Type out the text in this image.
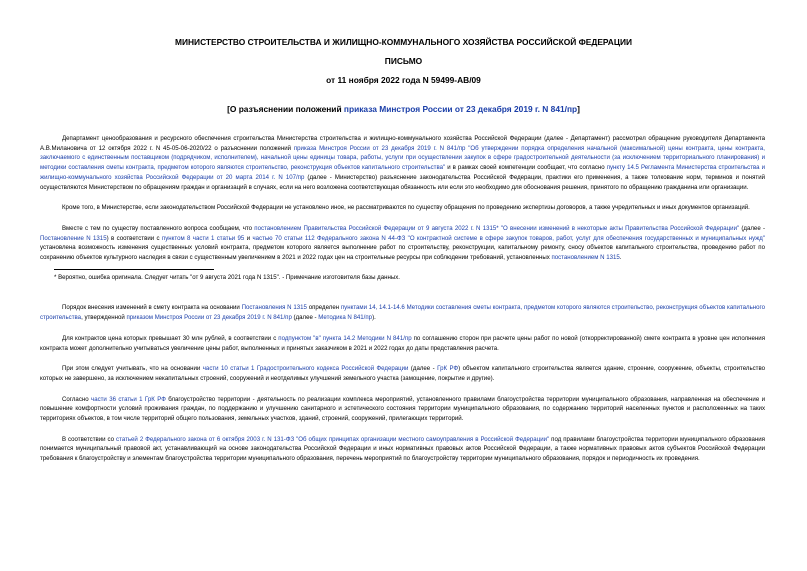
МИНИСТЕРСТВО СТРОИТЕЛЬСТВА И ЖИЛИЩНО-КОММУНАЛЬНОГО ХОЗЯЙСТВА РОССИЙСКОЙ ФЕДЕРАЦИИ
ПИСЬМО
от 11 ноября 2022 года N 59499-АВ/09
[О разъяснении положений приказа Минстроя России от 23 декабря 2019 г. N 841/пр]

Департамент ценообразования и ресурсного обеспечения строительства Министерства строительства и жилищно-коммунального хозяйства Российской Федерации (далее - Департамент) рассмотрел обращение руководителя Департамента А.В.Милановича от 12 октября 2022 г. N 45-05-06-2020/22 о разъяснении положений приказа Минстроя России от 23 декабря 2019 г. N 841/пр "Об утверждении порядка определения начальной (максимальной) цены контракта, цены контракта, заключаемого с единственным поставщиком (подрядчиком, исполнителем), начальной цены единицы товара, работы, услуги при осуществлении закупок в сфере градостроительной деятельности (за исключением территориального планирования) и методики составления сметы контракта, предметом которого являются строительство, реконструкция объектов капитального строительства" и в рамках своей компетенции сообщает, что согласно пункту 14.5 Регламента Министерства строительства и жилищно-коммунального хозяйства Российской Федерации от 20 марта 2014 г. N 107/пр (далее - Министерство) разъяснение законодательства Российской Федерации, практики его применения, а также толкование норм, терминов и понятий осуществляются Министерством по обращениям граждан и организаций в случаях, если на него возложена соответствующая обязанность или если это необходимо для обоснования решения, принятого по обращению гражданина или организации.

Кроме того, в Министерстве, если законодательством Российской Федерации не установлено иное, не рассматриваются по существу обращения по проведению экспертизы договоров, а также учредительных и иных документов организаций.

Вместе с тем по существу поставленного вопроса сообщаем, что постановлением Правительства Российской Федерации от 9 августа 2022 г. N 1315* "О внесении изменений в некоторые акты Правительства Российской Федерации" (далее - Постановление N 1315) в соответствии с пунктом 8 части 1 статьи 95 и частью 70 статьи 112 Федерального закона N 44-ФЗ "О контрактной системе в сфере закупок товаров, работ, услуг для обеспечения государственных и муниципальных нужд" установлена возможность изменения существенных условий контракта, предметом которого является выполнение работ по строительству, реконструкции, капитальному ремонту, сносу объектов капитального строительства, проведению работ по сохранению объектов культурного наследия в связи с существенным увеличением в 2021 и 2022 годах цен на строительные ресурсы при соблюдении требований, установленных постановлением N 1315.

* Вероятно, ошибка оригинала. Следует читать "от 9 августа 2021 года N 1315". - Примечание изготовителя базы данных.

Порядок внесения изменений в смету контракта на основании Постановления N 1315 определен пунктами 14, 14.1-14.6 Методики составления сметы контракта, предметом которого являются строительство, реконструкция объектов капитального строительства, утвержденной приказом Минстроя России от 23 декабря 2019 г. N 841/пр (далее - Методика N 841/пр).

Для контрактов цена которых превышает 30 млн рублей, в соответствии с подпунктом "в" пункта 14.2 Методики N 841/пр по соглашению сторон при расчете цены работ по новой (откорректированной) смете контракта в уровне цен исполнения контракта может дополнительно учитываться увеличение цены работ, выполненных и принятых заказчиком в 2021 и 2022 годах до даты представления расчета.

При этом следует учитывать, что на основании части 10 статьи 1 Градостроительного кодекса Российской Федерации (далее - ГрК РФ) объектом капитального строительства является здание, строение, сооружение, объекты, строительство которых не завершено, за исключением некапитальных строений, сооружений и неотделимых улучшений земельного участка (замощение, покрытие и другие).

Согласно части 36 статьи 1 ГрК РФ благоустройство территории - деятельность по реализации комплекса мероприятий, установленного правилами благоустройства территории муниципального образования, направленная на обеспечение и повышение комфортности условий проживания граждан, по поддержанию и улучшению санитарного и эстетического состояния территории муниципального образования, по содержанию территорий населенных пунктов и расположенных на таких территориях объектов, в том числе территорий общего пользования, земельных участков, зданий, строений, сооружений, прилегающих территорий.

В соответствии со статьей 2 Федерального закона от 6 октября 2003 г. N 131-ФЗ "Об общих принципах организации местного самоуправления в Российской Федерации" под правилами благоустройства территории муниципального образования понимается муниципальный правовой акт, устанавливающий на основе законодательства Российской Федерации и иных нормативных правовых актов Российской Федерации, а также нормативных правовых актов субъектов Российской Федерации требования к благоустройству и элементам благоустройства территории муниципального образования, перечень мероприятий по благоустройству территории муниципального образования, порядок и периодичность их проведения.
